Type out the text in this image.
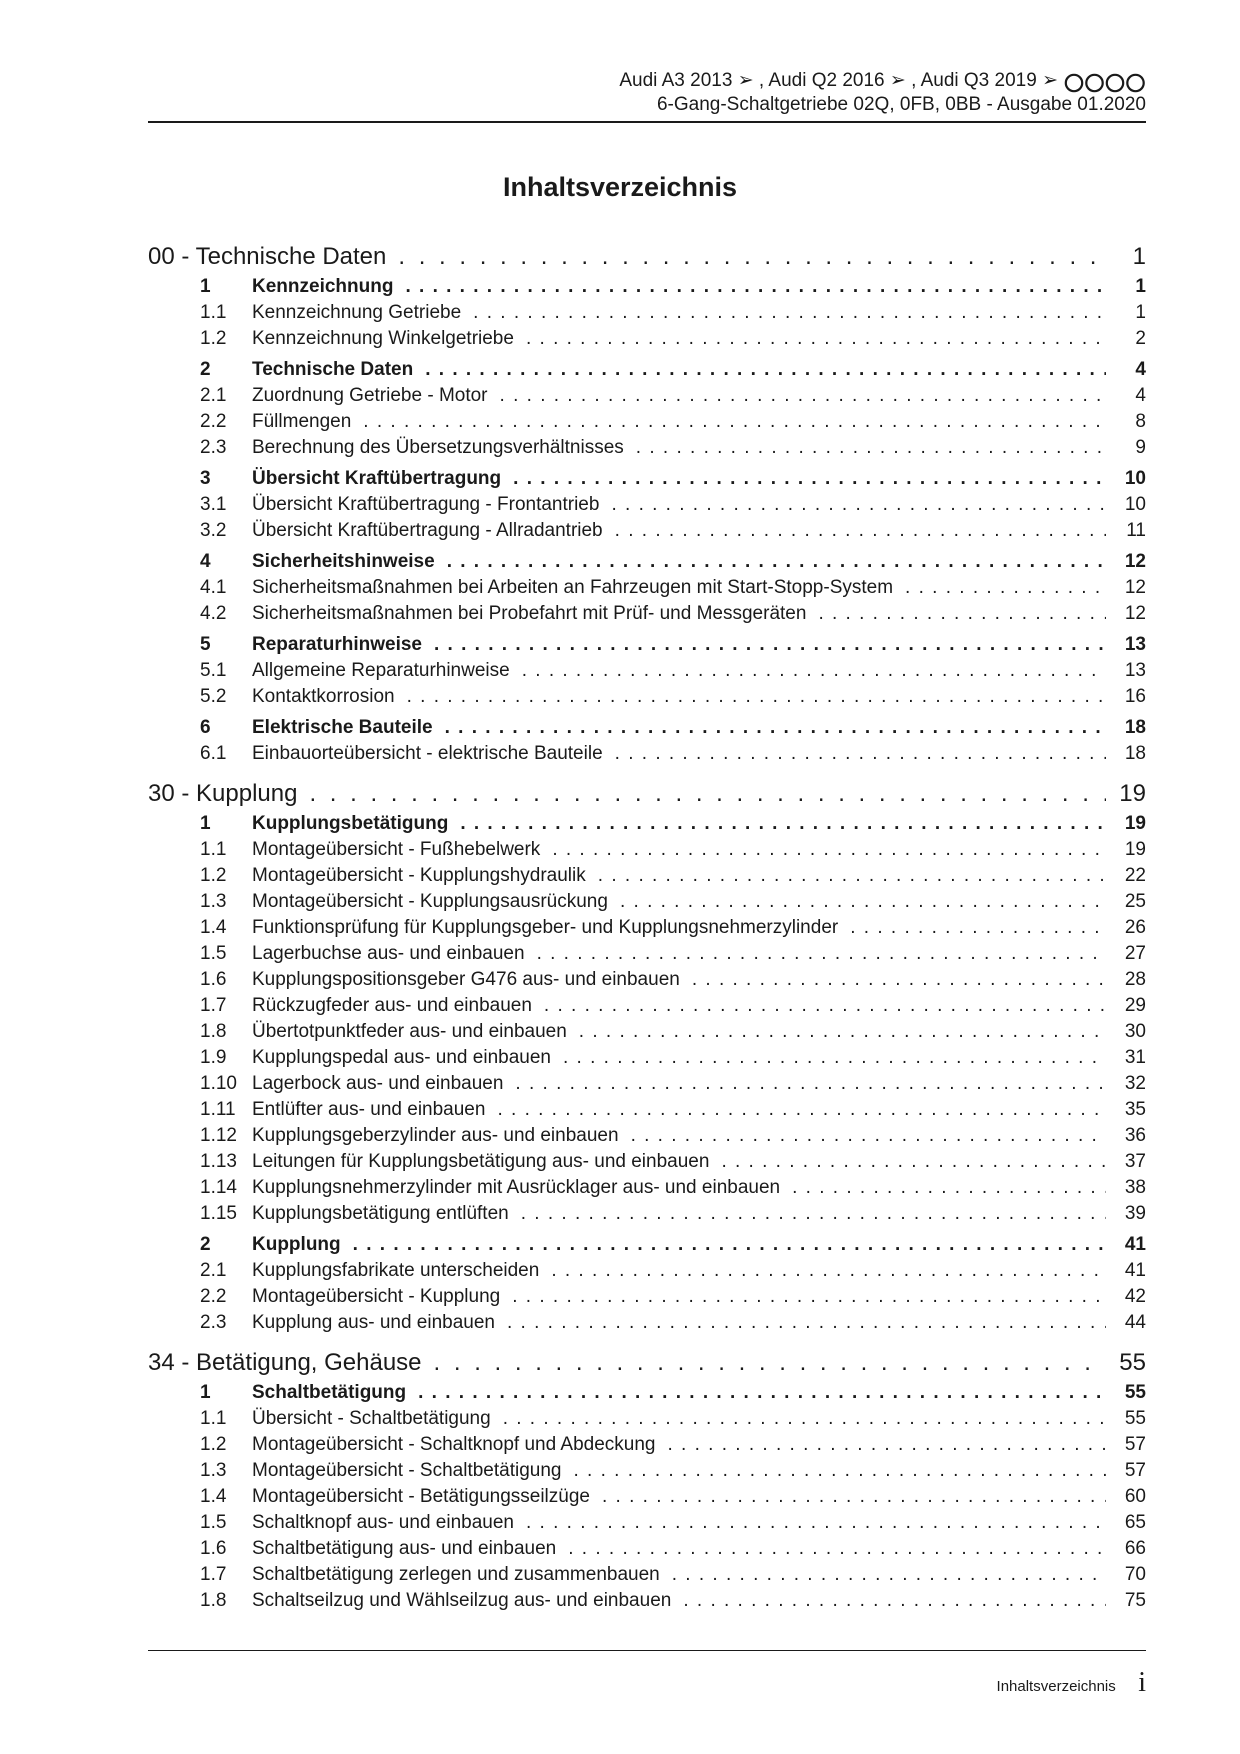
Audi A3 2013 ➢ , Audi Q2 2016 ➢ , Audi Q3 2019 ➢
6-Gang-Schaltgetriebe 02Q, 0FB, 0BB - Ausgabe 01.2020
Inhaltsverzeichnis
00 - Technische Daten . . .	1
1	Kennzeichnung . . .	1
1.1	Kennzeichnung Getriebe . . .	1
1.2	Kennzeichnung Winkelgetriebe . . .	2
2	Technische Daten . . .	4
2.1	Zuordnung Getriebe - Motor . . .	4
2.2	Füllmengen . . .	8
2.3	Berechnung des Übersetzungsverhältnisses . . .	9
3	Übersicht Kraftübertragung . . .	10
3.1	Übersicht Kraftübertragung - Frontantrieb . . .	10
3.2	Übersicht Kraftübertragung - Allradantrieb . . .	11
4	Sicherheitshinweise . . .	12
4.1	Sicherheitsmaßnahmen bei Arbeiten an Fahrzeugen mit Start-Stopp-System . . .	12
4.2	Sicherheitsmaßnahmen bei Probefahrt mit Prüf- und Messgeräten . . .	12
5	Reparaturhinweise . . .	13
5.1	Allgemeine Reparaturhinweise . . .	13
5.2	Kontaktkorrosion . . .	16
6	Elektrische Bauteile . . .	18
6.1	Einbauorteübersicht - elektrische Bauteile . . .	18
30 - Kupplung . . .	19
1	Kupplungsbetätigung . . .	19
1.1	Montageübersicht - Fußhebelwerk . . .	19
1.2	Montageübersicht - Kupplungshydraulik . . .	22
1.3	Montageübersicht - Kupplungsausrückung . . .	25
1.4	Funktionsprüfung für Kupplungsgeber- und Kupplungsnehmerzylinder . . .	26
1.5	Lagerbuchse aus- und einbauen . . .	27
1.6	Kupplungspositionsgeber G476 aus- und einbauen . . .	28
1.7	Rückzugfeder aus- und einbauen . . .	29
1.8	Übertotpunktfeder aus- und einbauen . . .	30
1.9	Kupplungspedal aus- und einbauen . . .	31
1.10 Lagerbock aus- und einbauen . . .	32
1.11 Entlüfter aus- und einbauen . . .	35
1.12 Kupplungsgeberzylinder aus- und einbauen . . .	36
1.13 Leitungen für Kupplungsbetätigung aus- und einbauen . . .	37
1.14 Kupplungsnehmerzylinder mit Ausrücklager aus- und einbauen . . .	38
1.15 Kupplungsbetätigung entlüften . . .	39
2	Kupplung . . .	41
2.1	Kupplungsfabrikate unterscheiden . . .	41
2.2	Montageübersicht - Kupplung . . .	42
2.3	Kupplung aus- und einbauen . . .	44
34 - Betätigung, Gehäuse . . .	55
1	Schaltbetätigung . . .	55
1.1	Übersicht - Schaltbetätigung . . .	55
1.2	Montageübersicht - Schaltknopf und Abdeckung . . .	57
1.3	Montageübersicht - Schaltbetätigung . . .	57
1.4	Montageübersicht - Betätigungsseilzüge . . .	60
1.5	Schaltknopf aus- und einbauen . . .	65
1.6	Schaltbetätigung aus- und einbauen . . .	66
1.7	Schaltbetätigung zerlegen und zusammenbauen . . .	70
1.8	Schaltseilzug und Wählseilzug aus- und einbauen . . .	75
Inhaltsverzeichnis i
